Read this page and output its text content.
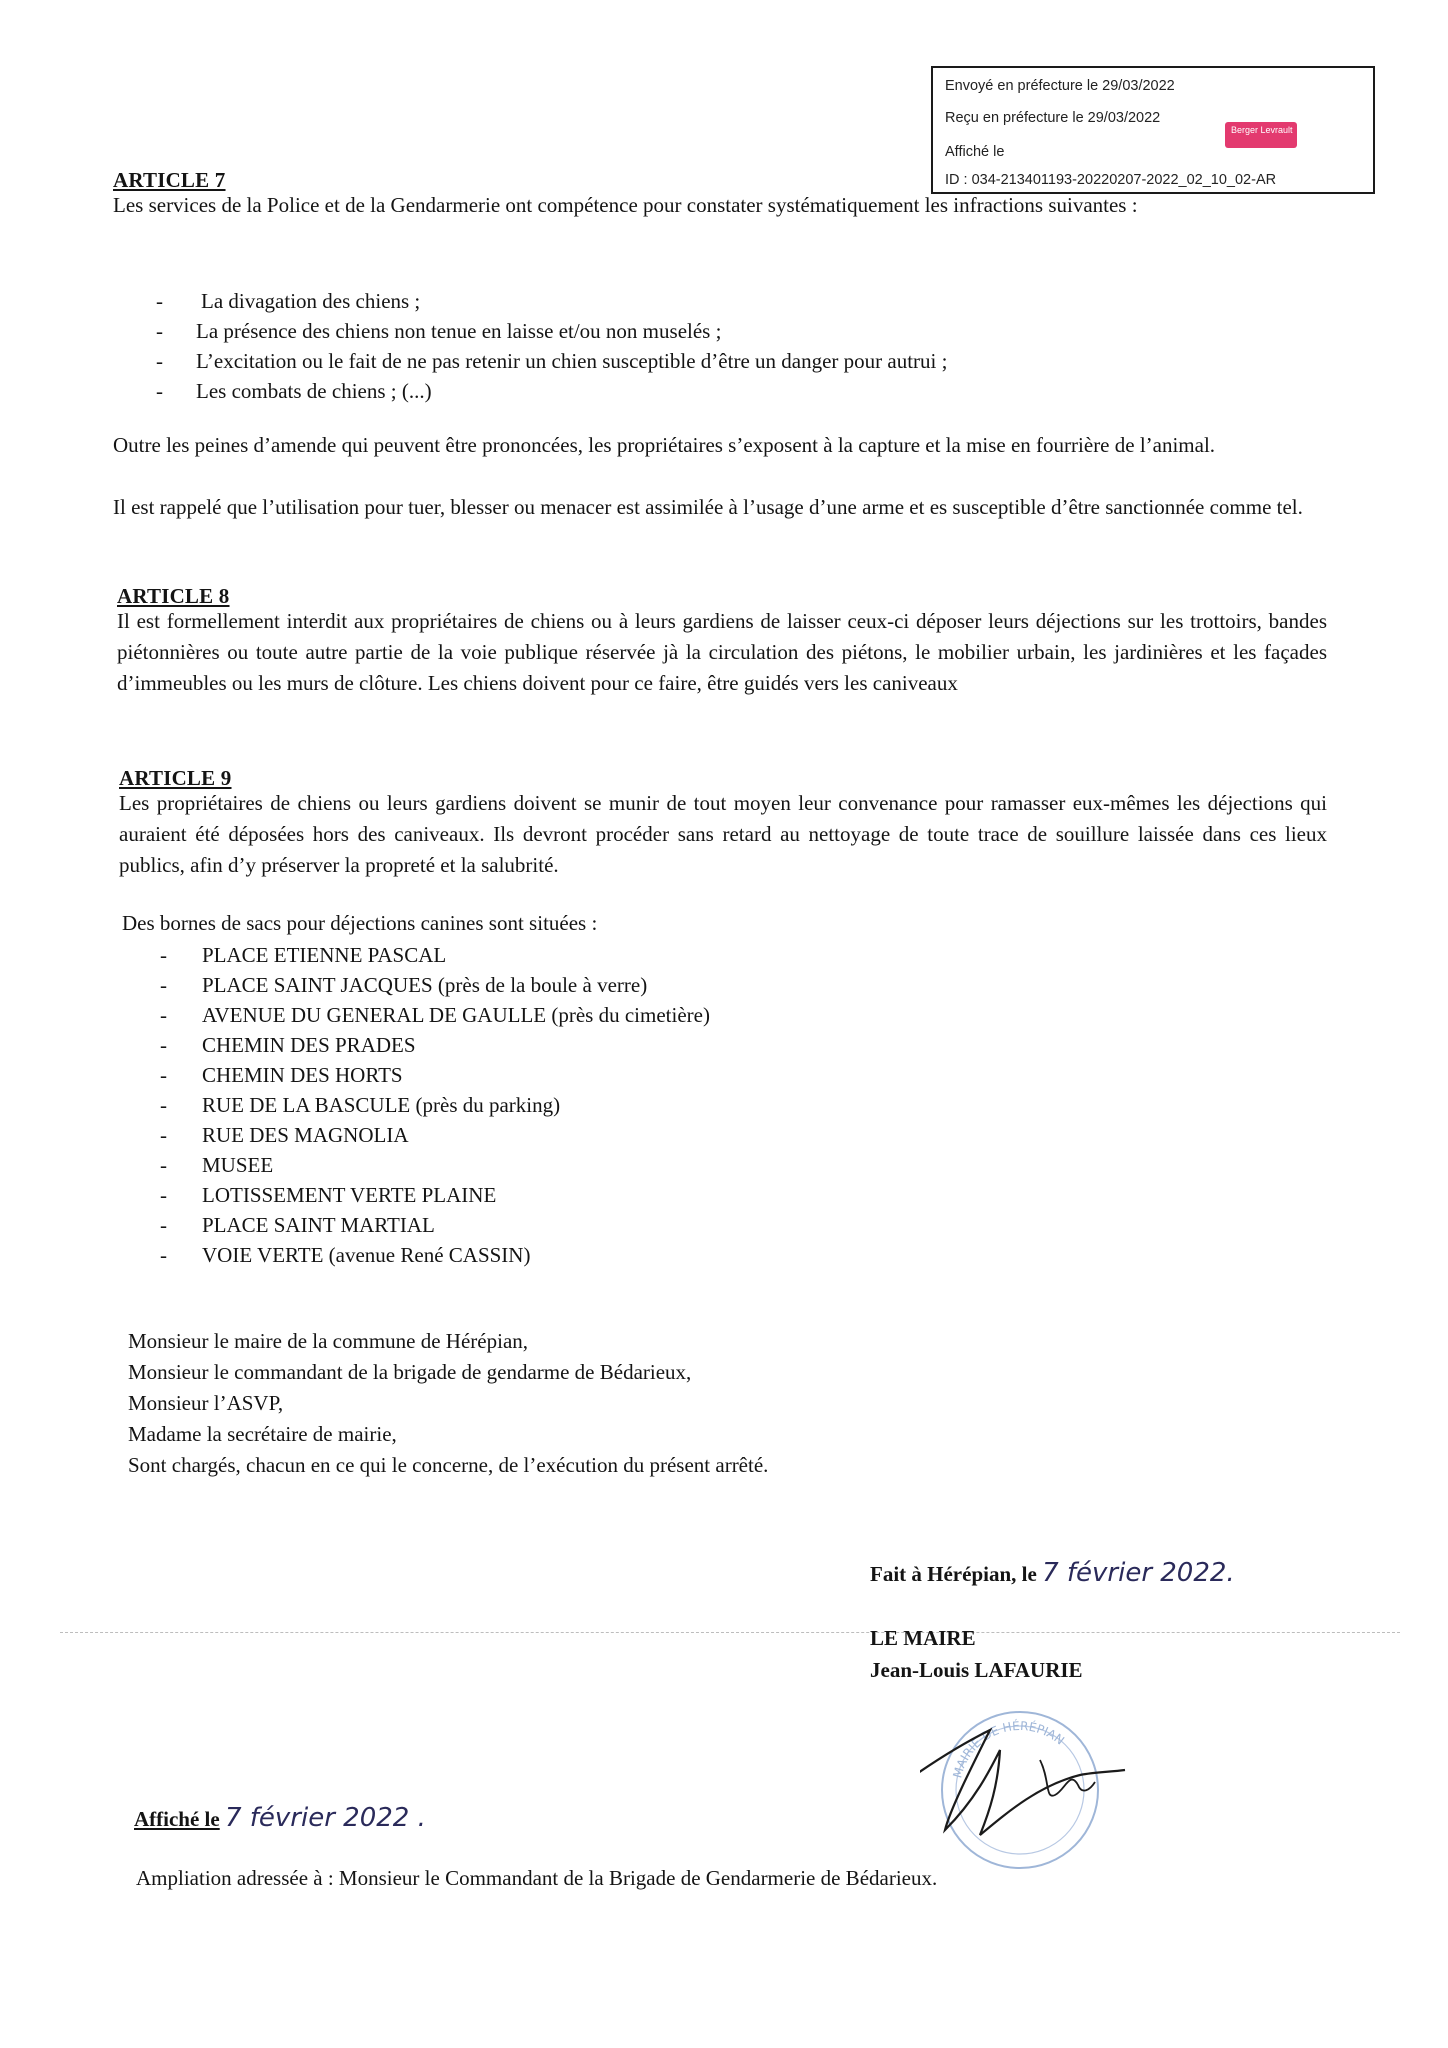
Envoyé en préfecture le 29/03/2022
Reçu en préfecture le 29/03/2022
Affiché le
ID : 034-213401193-20220207-2022_02_10_02-AR
Berger Levrault
ARTICLE 7

Les services de la Police et de la Gendarmerie ont compétence pour constater systématiquement les infractions suivantes :

- La divagation des chiens ;
- La présence des chiens non tenue en laisse et/ou non muselés ;
- L’excitation ou le fait de ne pas retenir un chien susceptible d’être un danger pour autrui ;
- Les combats de chiens ; (...)

Outre les peines d’amende qui peuvent être prononcées, les propriétaires s’exposent à la capture et la mise en fourrière de l’animal.

Il est rappelé que l’utilisation pour tuer, blesser ou menacer est assimilée à l’usage d’une arme et es susceptible d’être sanctionnée comme tel.

ARTICLE 8

Il est formellement interdit aux propriétaires de chiens ou à leurs gardiens de laisser ceux-ci déposer leurs déjections sur les trottoirs, bandes piétonnières ou toute autre partie de la voie publique réservée jà la circulation des piétons, le mobilier urbain, les jardinières et les façades d’immeubles ou les murs de clôture. Les chiens doivent pour ce faire, être guidés vers les caniveaux

ARTICLE 9

Les propriétaires de chiens ou leurs gardiens doivent se munir de tout moyen leur convenance pour ramasser eux-mêmes les déjections qui auraient été déposées hors des caniveaux. Ils devront procéder sans retard au nettoyage de toute trace de souillure laissée dans ces lieux publics, afin d’y préserver la propreté et la salubrité.

Des bornes de sacs pour déjections canines sont situées :
- PLACE ETIENNE PASCAL
- PLACE SAINT JACQUES (près de la boule à verre)
- AVENUE DU GENERAL DE GAULLE (près du cimetière)
- CHEMIN DES PRADES
- CHEMIN DES HORTS
- RUE DE LA BASCULE (près du parking)
- RUE DES MAGNOLIA
- MUSEE
- LOTISSEMENT VERTE PLAINE
- PLACE SAINT MARTIAL
- VOIE VERTE (avenue René CASSIN)
Monsieur le maire de la commune de Hérépian,
Monsieur le commandant de la brigade de gendarme de Bédarieux,
Monsieur l’ASVP,
Madame la secrétaire de mairie,
Sont chargés, chacun en ce qui le concerne, de l’exécution du présent arrêté.
Fait à Hérépian, le 7 février 2022.
LE MAIRE
Jean-Louis LAFAURIE
MAIRIE DE HÉRÉPIAN
Affiché le 7 février 2022 .
Ampliation adressée à : Monsieur le Commandant de la Brigade de Gendarmerie de Bédarieux.
